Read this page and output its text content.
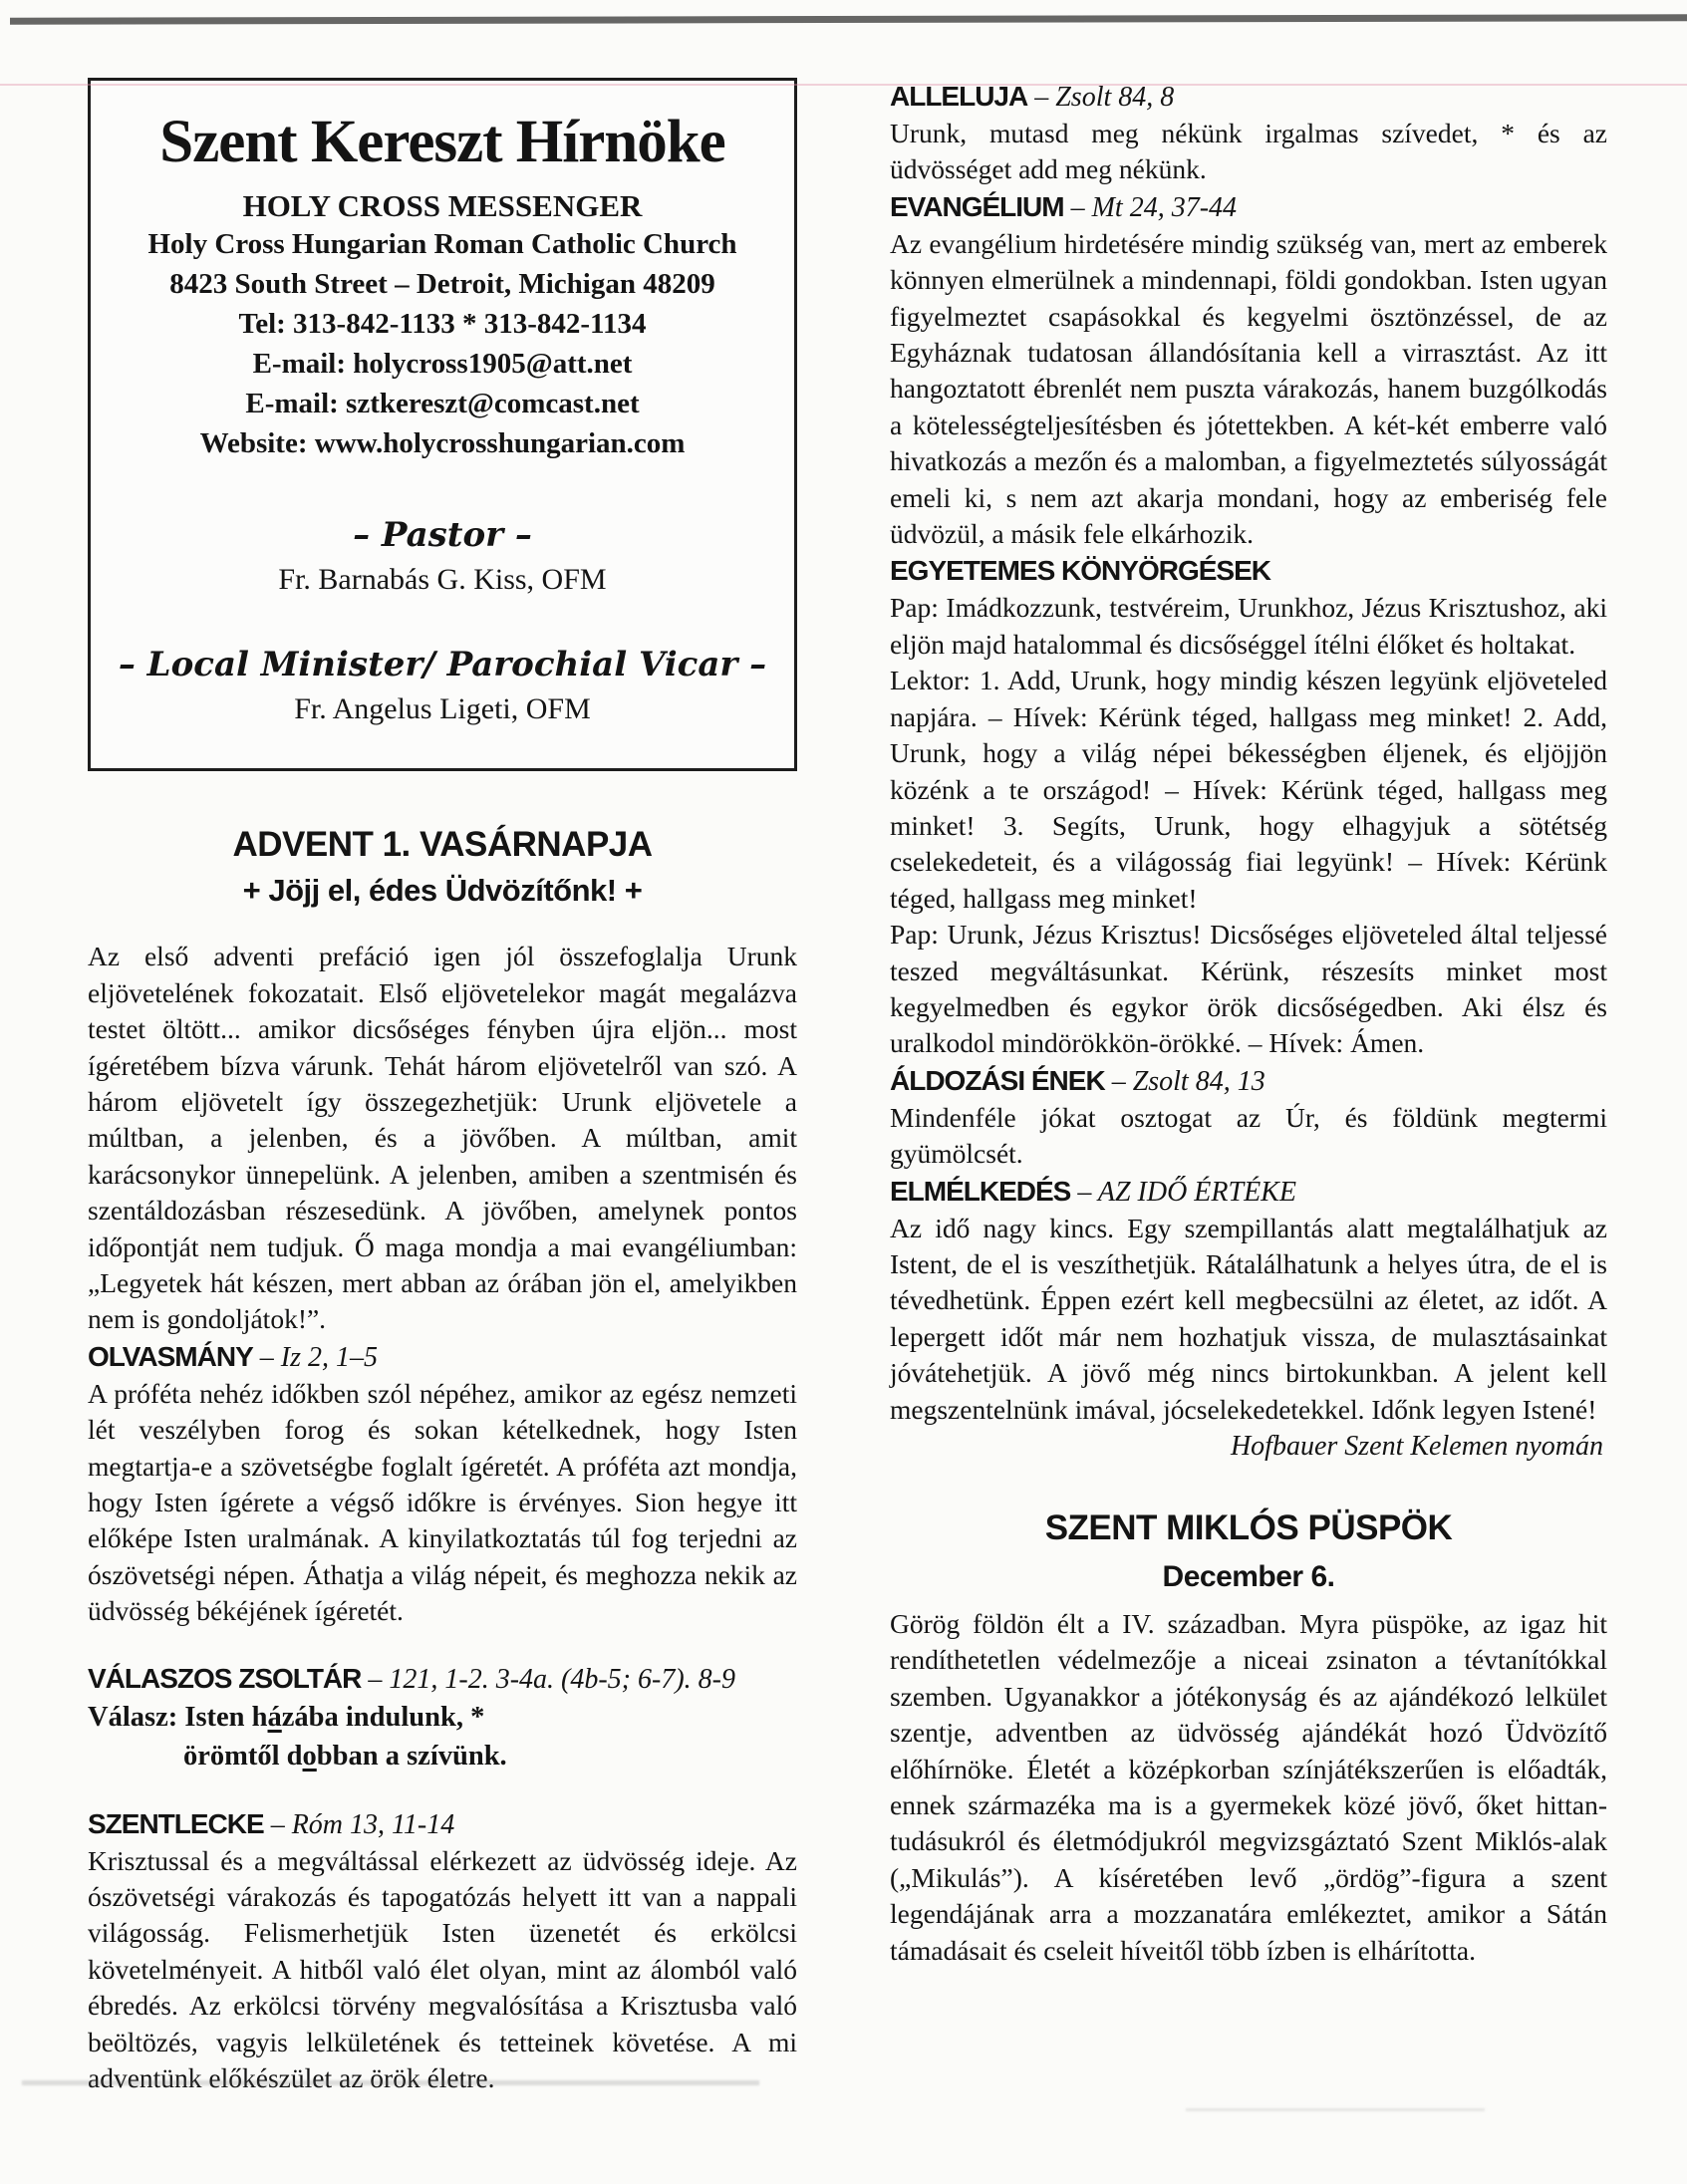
Szent Kereszt Hírnöke
HOLY CROSS MESSENGER
Holy Cross Hungarian Roman Catholic Church
8423 South Street – Detroit, Michigan 48209
Tel: 313-842-1133 * 313-842-1134
E-mail: holycross1905@att.net
E-mail: sztkereszt@comcast.net
Website: www.holycrosshungarian.com
– Pastor –
Fr. Barnabás G. Kiss, OFM
– Local Minister/ Parochial Vicar –
Fr. Angelus Ligeti, OFM
ADVENT 1. VASÁRNAPJA
+ Jöjj el, édes Üdvözítőnk! +

Az első adventi prefáció igen jól összefoglalja Urunk eljövetelének fokozatait. Első eljövetelekor magát megalázva testet öltött... amikor dicsőséges fényben újra eljön... most ígéretébem bízva várunk. Tehát három eljövetelről van szó. A három eljövetelt így összegezhetjük: Urunk eljövetele a múltban, a jelenben, és a jövőben. A múltban, amit karácsonykor ünnepelünk. A jelenben, amiben a szentmisén és szentáldozásban részesedünk. A jövőben, amelynek pontos időpontját nem tudjuk. Ő maga mondja a mai evangéliumban: „Legyetek hát készen, mert abban az órában jön el, amelyikben nem is gondoljátok!”.

OLVASMÁNY – Iz 2, 1–5

A próféta nehéz időkben szól népéhez, amikor az egész nemzeti lét veszélyben forog és sokan kételkednek, hogy Isten megtartja-e a szövetségbe foglalt ígéretét. A próféta azt mondja, hogy Isten ígérete a végső időkre is érvényes. Sion hegye itt előképe Isten uralmának. A kinyilatkoztatás túl fog terjedni az ószövetségi népen. Áthatja a világ népeit, és meghozza nekik az üdvösség békéjének ígéretét.

VÁLASZOS ZSOLTÁR – 121, 1-2. 3-4a. (4b-5; 6-7). 8-9
Válasz: Isten házába indulunk, *
örömtől dobban a szívünk.
SZENTLECKE – Róm 13, 11-14

Krisztussal és a megváltással elérkezett az üdvösség ideje. Az ószövetségi várakozás és tapogatózás helyett itt van a nappali világosság. Felismerhetjük Isten üzenetét és erkölcsi követelményeit. A hitből való élet olyan, mint az álomból való ébredés. Az erkölcsi törvény megvalósítása a Krisztusba való beöltözés, vagyis lelkületének és tetteinek követése. A mi adventünk előkészület az örök életre.

ALLELUJA – Zsolt 84, 8

Urunk, mutasd meg nékünk irgalmas szívedet, * és az üdvösséget add meg nékünk.

EVANGÉLIUM – Mt 24, 37-44

Az evangélium hirdetésére mindig szükség van, mert az emberek könnyen elmerülnek a mindennapi, földi gondokban. Isten ugyan figyelmeztet csapásokkal és kegyelmi ösztönzéssel, de az Egyháznak tudatosan állandósítania kell a virrasztást. Az itt hangoztatott ébrenlét nem puszta várakozás, hanem buzgólkodás a kötelességteljesítésben és jótettekben. A két-két emberre való hivatkozás a mezőn és a malomban, a figyelmeztetés súlyosságát emeli ki, s nem azt akarja mondani, hogy az emberiség fele üdvözül, a másik fele elkárhozik.

EGYETEMES KÖNYÖRGÉSEK

Pap: Imádkozzunk, testvéreim, Urunkhoz, Jézus Krisztushoz, aki eljön majd hatalommal és dicsőséggel ítélni élőket és holtakat.

Lektor: 1. Add, Urunk, hogy mindig készen legyünk eljöveteled napjára. – Hívek: Kérünk téged, hallgass meg minket! 2. Add, Urunk, hogy a világ népei békességben éljenek, és eljöjjön közénk a te országod! – Hívek: Kérünk téged, hallgass meg minket! 3. Segíts, Urunk, hogy elhagyjuk a sötétség cselekedeteit, és a világosság fiai legyünk! – Hívek: Kérünk téged, hallgass meg minket!

Pap: Urunk, Jézus Krisztus! Dicsőséges eljöveteled által teljessé teszed megváltásunkat. Kérünk, részesíts minket most kegyelmedben és egykor örök dicsőségedben. Aki élsz és uralkodol mindörökkön-örökké. – Hívek: Ámen.

ÁLDOZÁSI ÉNEK – Zsolt 84, 13

Mindenféle jókat osztogat az Úr, és földünk megtermi gyümölcsét.

ELMÉLKEDÉS – AZ IDŐ ÉRTÉKE

Az idő nagy kincs. Egy szempillantás alatt megtalálhatjuk az Istent, de el is veszíthetjük. Rátalálhatunk a helyes útra, de el is tévedhetünk. Éppen ezért kell megbecsülni az életet, az időt. A lepergett időt már nem hozhatjuk vissza, de mulasztásainkat jóvátehetjük. A jövő még nincs birtokunkban. A jelent kell megszentelnünk imával, jócselekedetekkel. Időnk legyen Istené!

Hofbauer Szent Kelemen nyomán
SZENT MIKLÓS PÜSPÖK
December 6.

Görög földön élt a IV. században. Myra püspöke, az igaz hit rendíthetetlen védelmezője a niceai zsinaton a tévtanítókkal szemben. Ugyanakkor a jótékonyság és az ajándékozó lelkület szentje, adventben az üdvösség ajándékát hozó Üdvözítő előhírnöke. Életét a középkorban színjátékszerűen is előadták, ennek származéka ma is a gyermekek közé jövő, őket hittan-tudásukról és életmódjukról megvizsgáztató Szent Miklós-alak („Mikulás”). A kíséretében levő „ördög”-figura a szent legendájának arra a mozzanatára emlékeztet, amikor a Sátán támadásait és cseleit híveitől több ízben is elhárította.
